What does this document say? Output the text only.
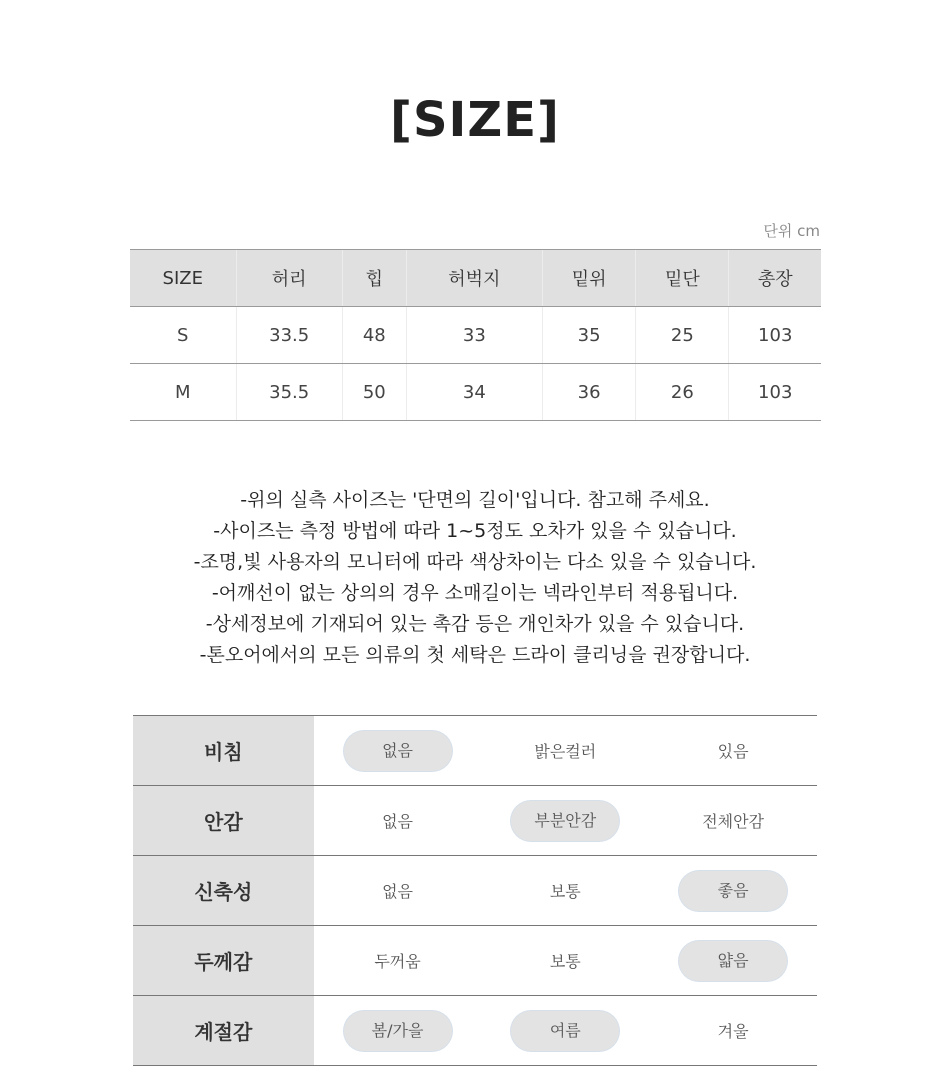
[SIZE]
단위 cm
SIZE	허리	힙	허벅지	밑위	밑단	총장
S	33.5	48	33	35	25	103
M	35.5	50	34	36	26	103
-위의 실측 사이즈는 '단면의 길이'입니다. 참고해 주세요.
-사이즈는 측정 방법에 따라 1~5정도 오차가 있을 수 있습니다.
-조명,빛 사용자의 모니터에 따라 색상차이는 다소 있을 수 있습니다.
-어깨선이 없는 상의의 경우 소매길이는 넥라인부터 적용됩니다.
-상세정보에 기재되어 있는 촉감 등은 개인차가 있을 수 있습니다.
-톤오어에서의 모든 의류의 첫 세탁은 드라이 클리닝을 권장합니다.
비침	없음	밝은컬러	있음
안감	없음	부분안감	전체안감
신축성	없음	보통	좋음
두께감	두꺼움	보통	얇음
계절감	봄/가을	여름	겨울
